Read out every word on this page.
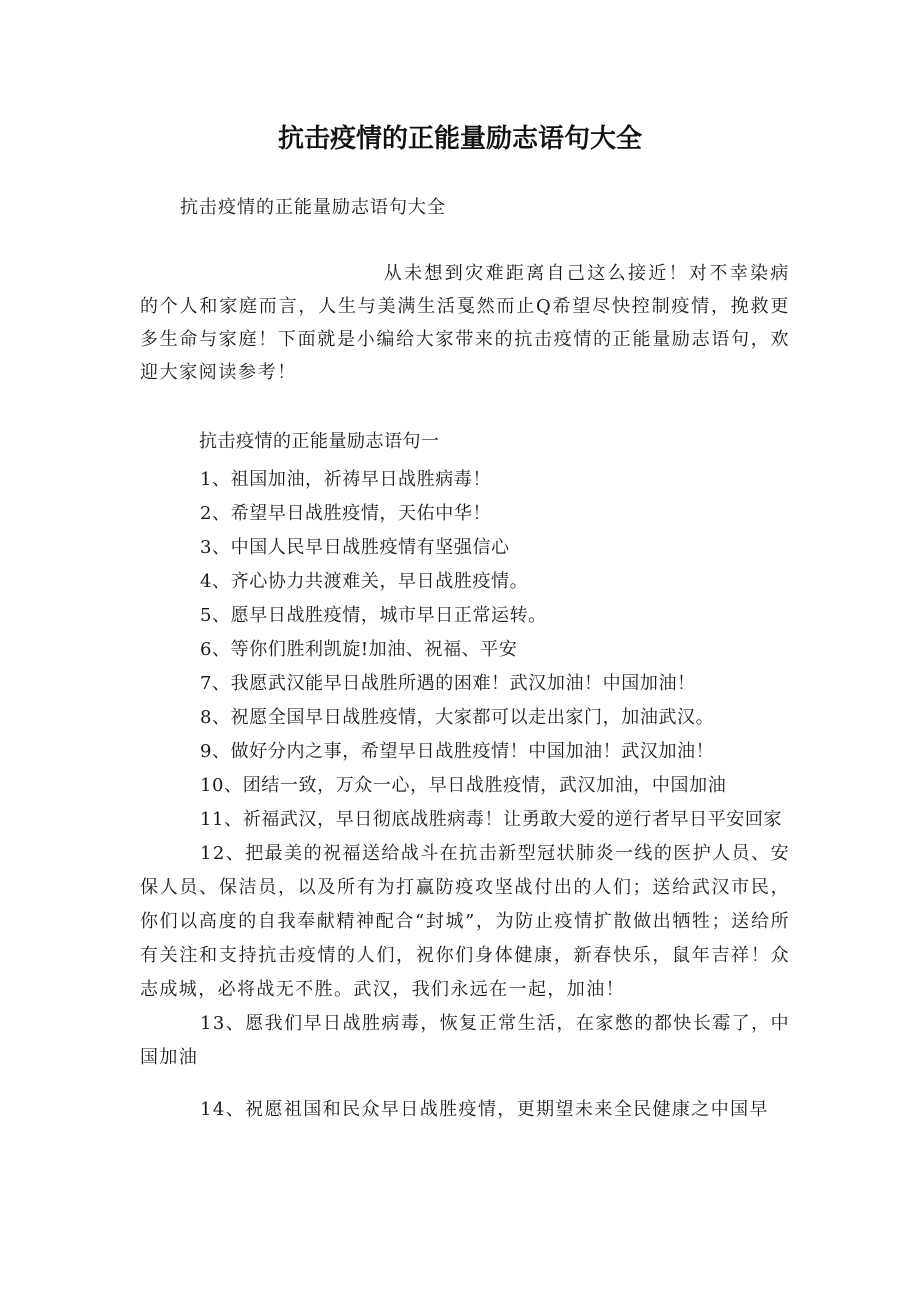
抗击疫情的正能量励志语句大全
抗击疫情的正能量励志语句大全
从未想到灾难距离自己这么接近！对不幸染病的个人和家庭而言，人生与美满生活戛然而止Q希望尽快控制疫情，挽救更多生命与家庭！下面就是小编给大家带来的抗击疫情的正能量励志语句，欢迎大家阅读参考！
抗击疫情的正能量励志语句一
1、祖国加油，祈祷早日战胜病毒！
2、希望早日战胜疫情，天佑中华！
3、中国人民早日战胜疫情有坚强信心
4、齐心协力共渡难关，早日战胜疫情。
5、愿早日战胜疫情，城市早日正常运转。
6、等你们胜利凯旋!加油、祝福、平安
7、我愿武汉能早日战胜所遇的困难！武汉加油！中国加油！
8、祝愿全国早日战胜疫情，大家都可以走出家门，加油武汉。
9、做好分内之事，希望早日战胜疫情！中国加油！武汉加油！
10、团结一致，万众一心，早日战胜疫情，武汉加油，中国加油
11、祈福武汉，早日彻底战胜病毒！让勇敢大爱的逆行者早日平安回家
12、把最美的祝福送给战斗在抗击新型冠状肺炎一线的医护人员、安保人员、保洁员，以及所有为打赢防疫攻坚战付出的人们；送给武汉市民，你们以高度的自我奉献精神配合“封城”，为防止疫情扩散做出牺牲；送给所有关注和支持抗击疫情的人们，祝你们身体健康，新春快乐，鼠年吉祥！众志成城，必将战无不胜。武汉，我们永远在一起，加油！
13、愿我们早日战胜病毒，恢复正常生活，在家憋的都快长霉了，中国加油
14、祝愿祖国和民众早日战胜疫情，更期望未来全民健康之中国早
